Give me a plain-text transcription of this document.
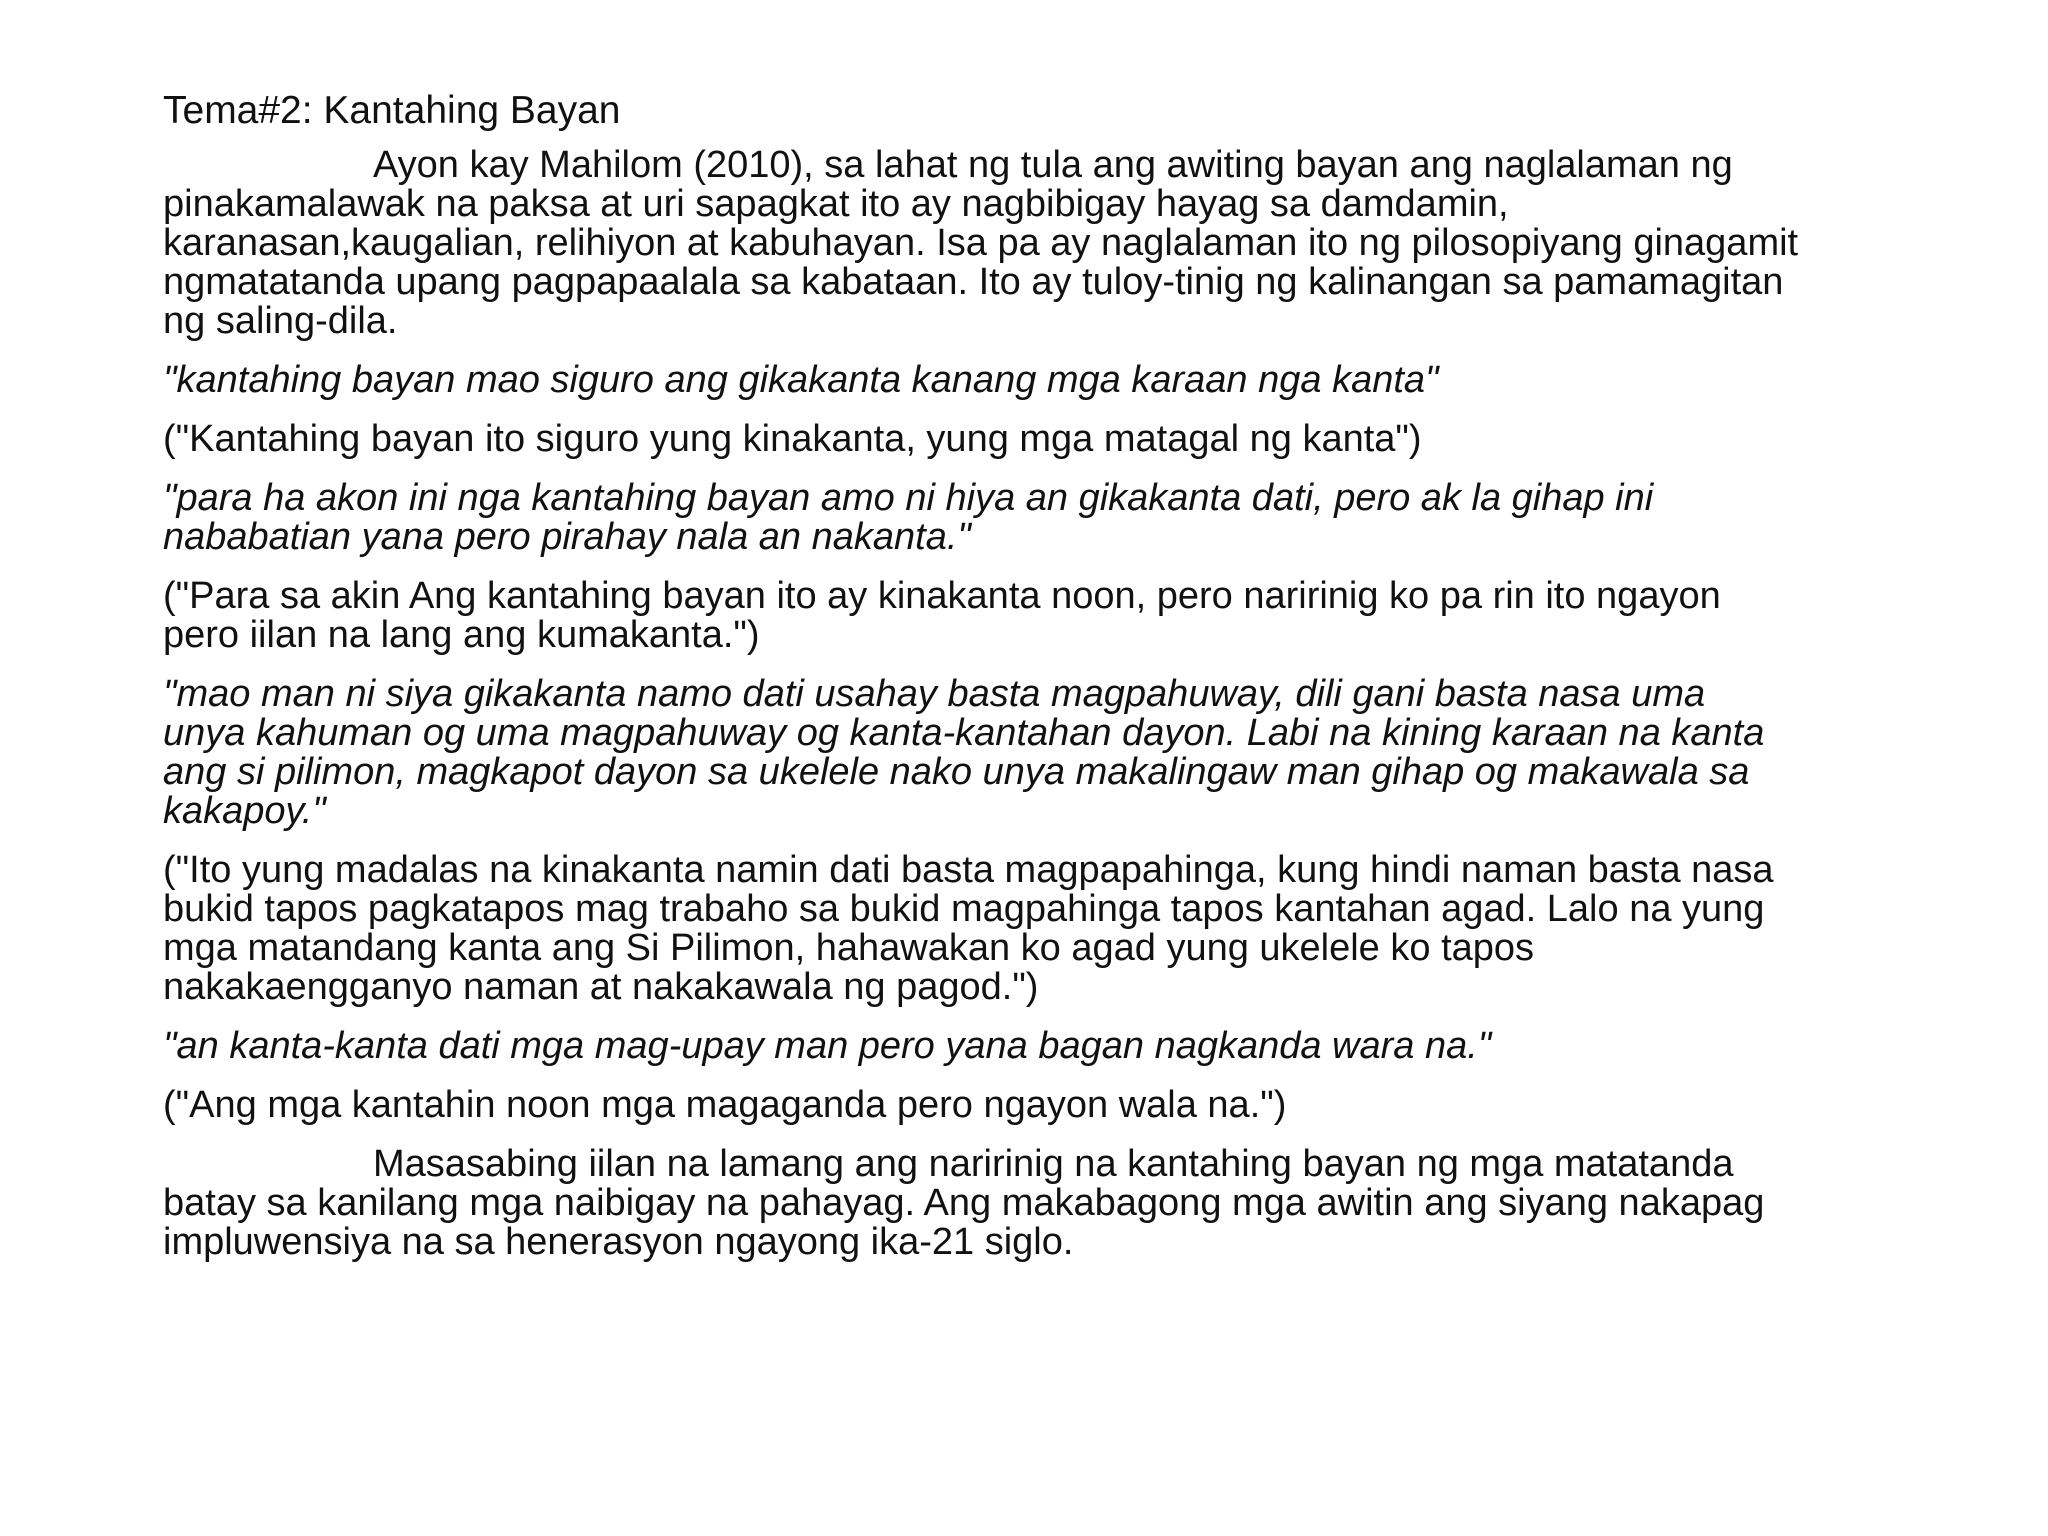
Tema#2: Kantahing Bayan
Ayon kay Mahilom (2010), sa lahat ng tula ang awiting bayan ang naglalaman ng
pinakamalawak na paksa at uri sapagkat ito ay nagbibigay hayag sa damdamin,
karanasan,kaugalian, relihiyon at kabuhayan. Isa pa ay naglalaman ito ng pilosopiyang ginagamit
ngmatatanda upang pagpapaalala sa kabataan. Ito ay tuloy-tinig ng kalinangan sa pamamagitan
ng saling-dila.
"kantahing bayan mao siguro ang gikakanta kanang mga karaan nga kanta"
("Kantahing bayan ito siguro yung kinakanta, yung mga matagal ng kanta")
"para ha akon ini nga kantahing bayan amo ni hiya an gikakanta dati, pero ak la gihap ini
nababatian yana pero pirahay nala an nakanta."
("Para sa akin Ang kantahing bayan ito ay kinakanta noon, pero naririnig ko pa rin ito ngayon
pero iilan na lang ang kumakanta.")
"mao man ni siya gikakanta namo dati usahay basta magpahuway, dili gani basta nasa uma
unya kahuman og uma magpahuway og kanta-kantahan dayon. Labi na kining karaan na kanta
ang si pilimon, magkapot dayon sa ukelele nako unya makalingaw man gihap og makawala sa
kakapoy."
("Ito yung madalas na kinakanta namin dati basta magpapahinga, kung hindi naman basta nasa
bukid tapos pagkatapos mag trabaho sa bukid magpahinga tapos kantahan agad. Lalo na yung
mga matandang kanta ang Si Pilimon, hahawakan ko agad yung ukelele ko tapos
nakakaengganyo naman at nakakawala ng pagod.")
"an kanta-kanta dati mga mag-upay man pero yana bagan nagkanda wara na."
("Ang mga kantahin noon mga magaganda pero ngayon wala na.")
Masasabing iilan na lamang ang naririnig na kantahing bayan ng mga matatanda
batay sa kanilang mga naibigay na pahayag. Ang makabagong mga awitin ang siyang nakapag
impluwensiya na sa henerasyon ngayong ika-21 siglo.
